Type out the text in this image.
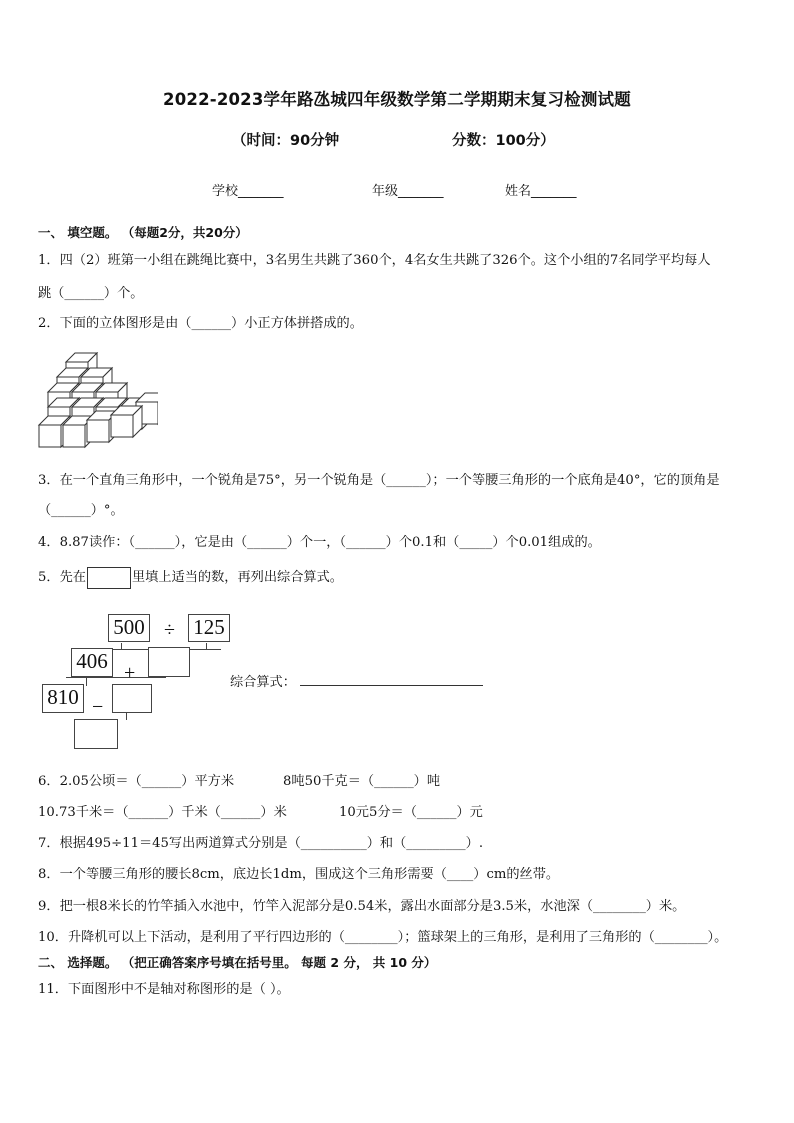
2022-2023学年路氹城四年级数学第二学期期末复习检测试题
（时间：90分钟	分数：100分）
学校_______	年级_______	姓名_______
一、 填空题。 （每题2分，共20分）
1．四（2）班第一小组在跳绳比赛中，3名男生共跳了360个，4名女生共跳了326个。这个小组的7名同学平均每人
跳（______）个。
2．下面的立体图形是由（______）小正方体拼搭成的。
3．在一个直角三角形中，一个锐角是75°，另一个锐角是（______）；一个等腰三角形的一个底角是40°，它的顶角是
（______）°。
4．8.87读作：（______），它是由（______）个一，（______）个0.1和（_____）个0.01组成的。
5．先在	里填上适当的数，再列出综合算式。
500 ÷ 125
406 +
810 −
综合算式：
6．2.05公顷＝（______）平方米	8吨50千克＝（______）吨
10.73千米＝（______）千米（______）米	10元5分＝（______）元
7．根据495÷11＝45写出两道算式分别是（__________）和（_________）.
8．一个等腰三角形的腰长8cm，底边长1dm，围成这个三角形需要（____）cm的丝带。
9．把一根8米长的竹竿插入水池中，竹竿入泥部分是0.54米，露出水面部分是3.5米，水池深（________）米。
10．升降机可以上下活动，是利用了平行四边形的（________）；篮球架上的三角形，是利用了三角形的（________）。
二、 选择题。 （把正确答案序号填在括号里。 每题 2 分， 共 10 分）
11．下面图形中不是轴对称图形的是（ ）。
